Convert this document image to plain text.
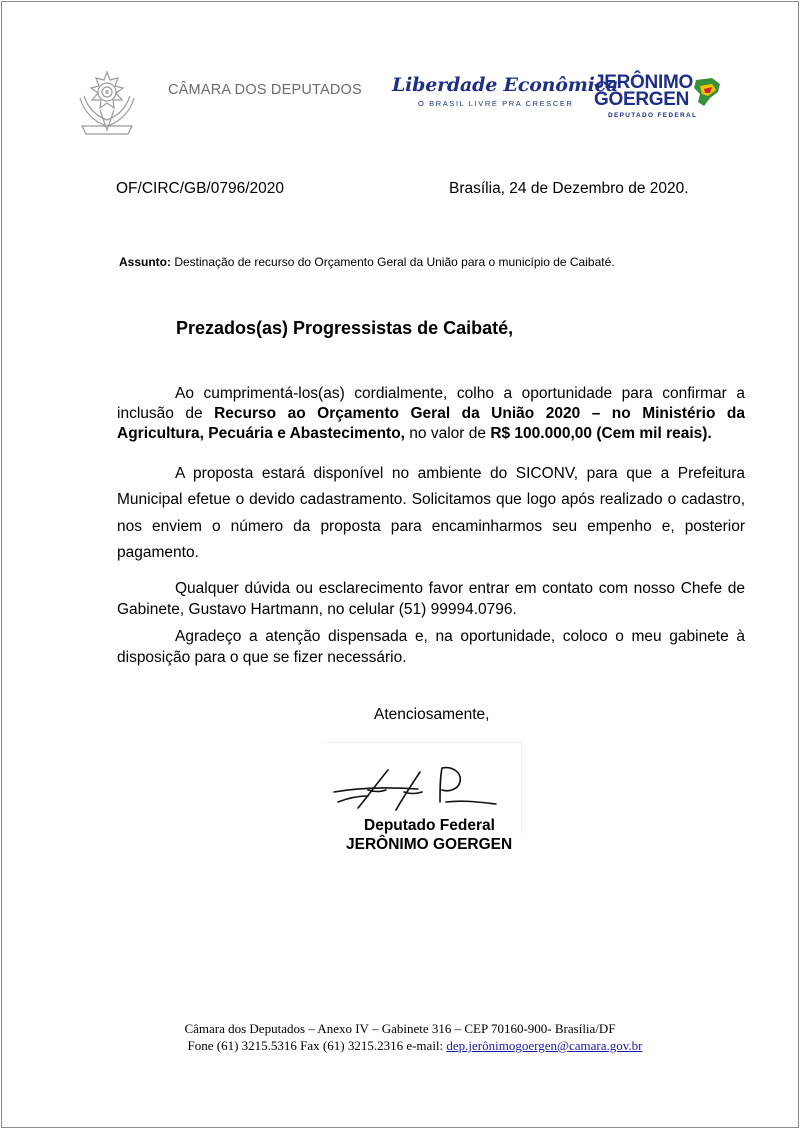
CÂMARA DOS DEPUTADOS Liberdade Econômica
O BRASIL LIVRE PRA CRESCER
JERÔNIMO
GOERGEN
DEPUTADO FEDERAL
OF/CIRC/GB/0796/2020	Brasília, 24 de Dezembro de 2020.
Assunto: Destinação de recurso do Orçamento Geral da União para o município de Caibaté.
Prezados(as) Progressistas de Caibaté,

Ao cumprimentá-los(as) cordialmente, colho a oportunidade para confirmar a inclusão de Recurso ao Orçamento Geral da União 2020 – no Ministério da Agricultura, Pecuária e Abastecimento, no valor de R$ 100.000,00 (Cem mil reais).

A proposta estará disponível no ambiente do SICONV, para que a Prefeitura Municipal efetue o devido cadastramento. Solicitamos que logo após realizado o cadastro, nos enviem o número da proposta para encaminharmos seu empenho e, posterior pagamento.

Qualquer dúvida ou esclarecimento favor entrar em contato com nosso Chefe de Gabinete, Gustavo Hartmann, no celular (51) 99994.0796.

Agradeço a atenção dispensada e, na oportunidade, coloco o meu gabinete à disposição para o que se fizer necessário.

Atenciosamente,
Deputado Federal
JERÔNIMO GOERGEN
Câmara dos Deputados – Anexo IV – Gabinete 316 – CEP 70160-900- Brasília/DF
Fone (61) 3215.5316 Fax (61) 3215.2316 e-mail: dep.jerônimogoergen@camara.gov.br
